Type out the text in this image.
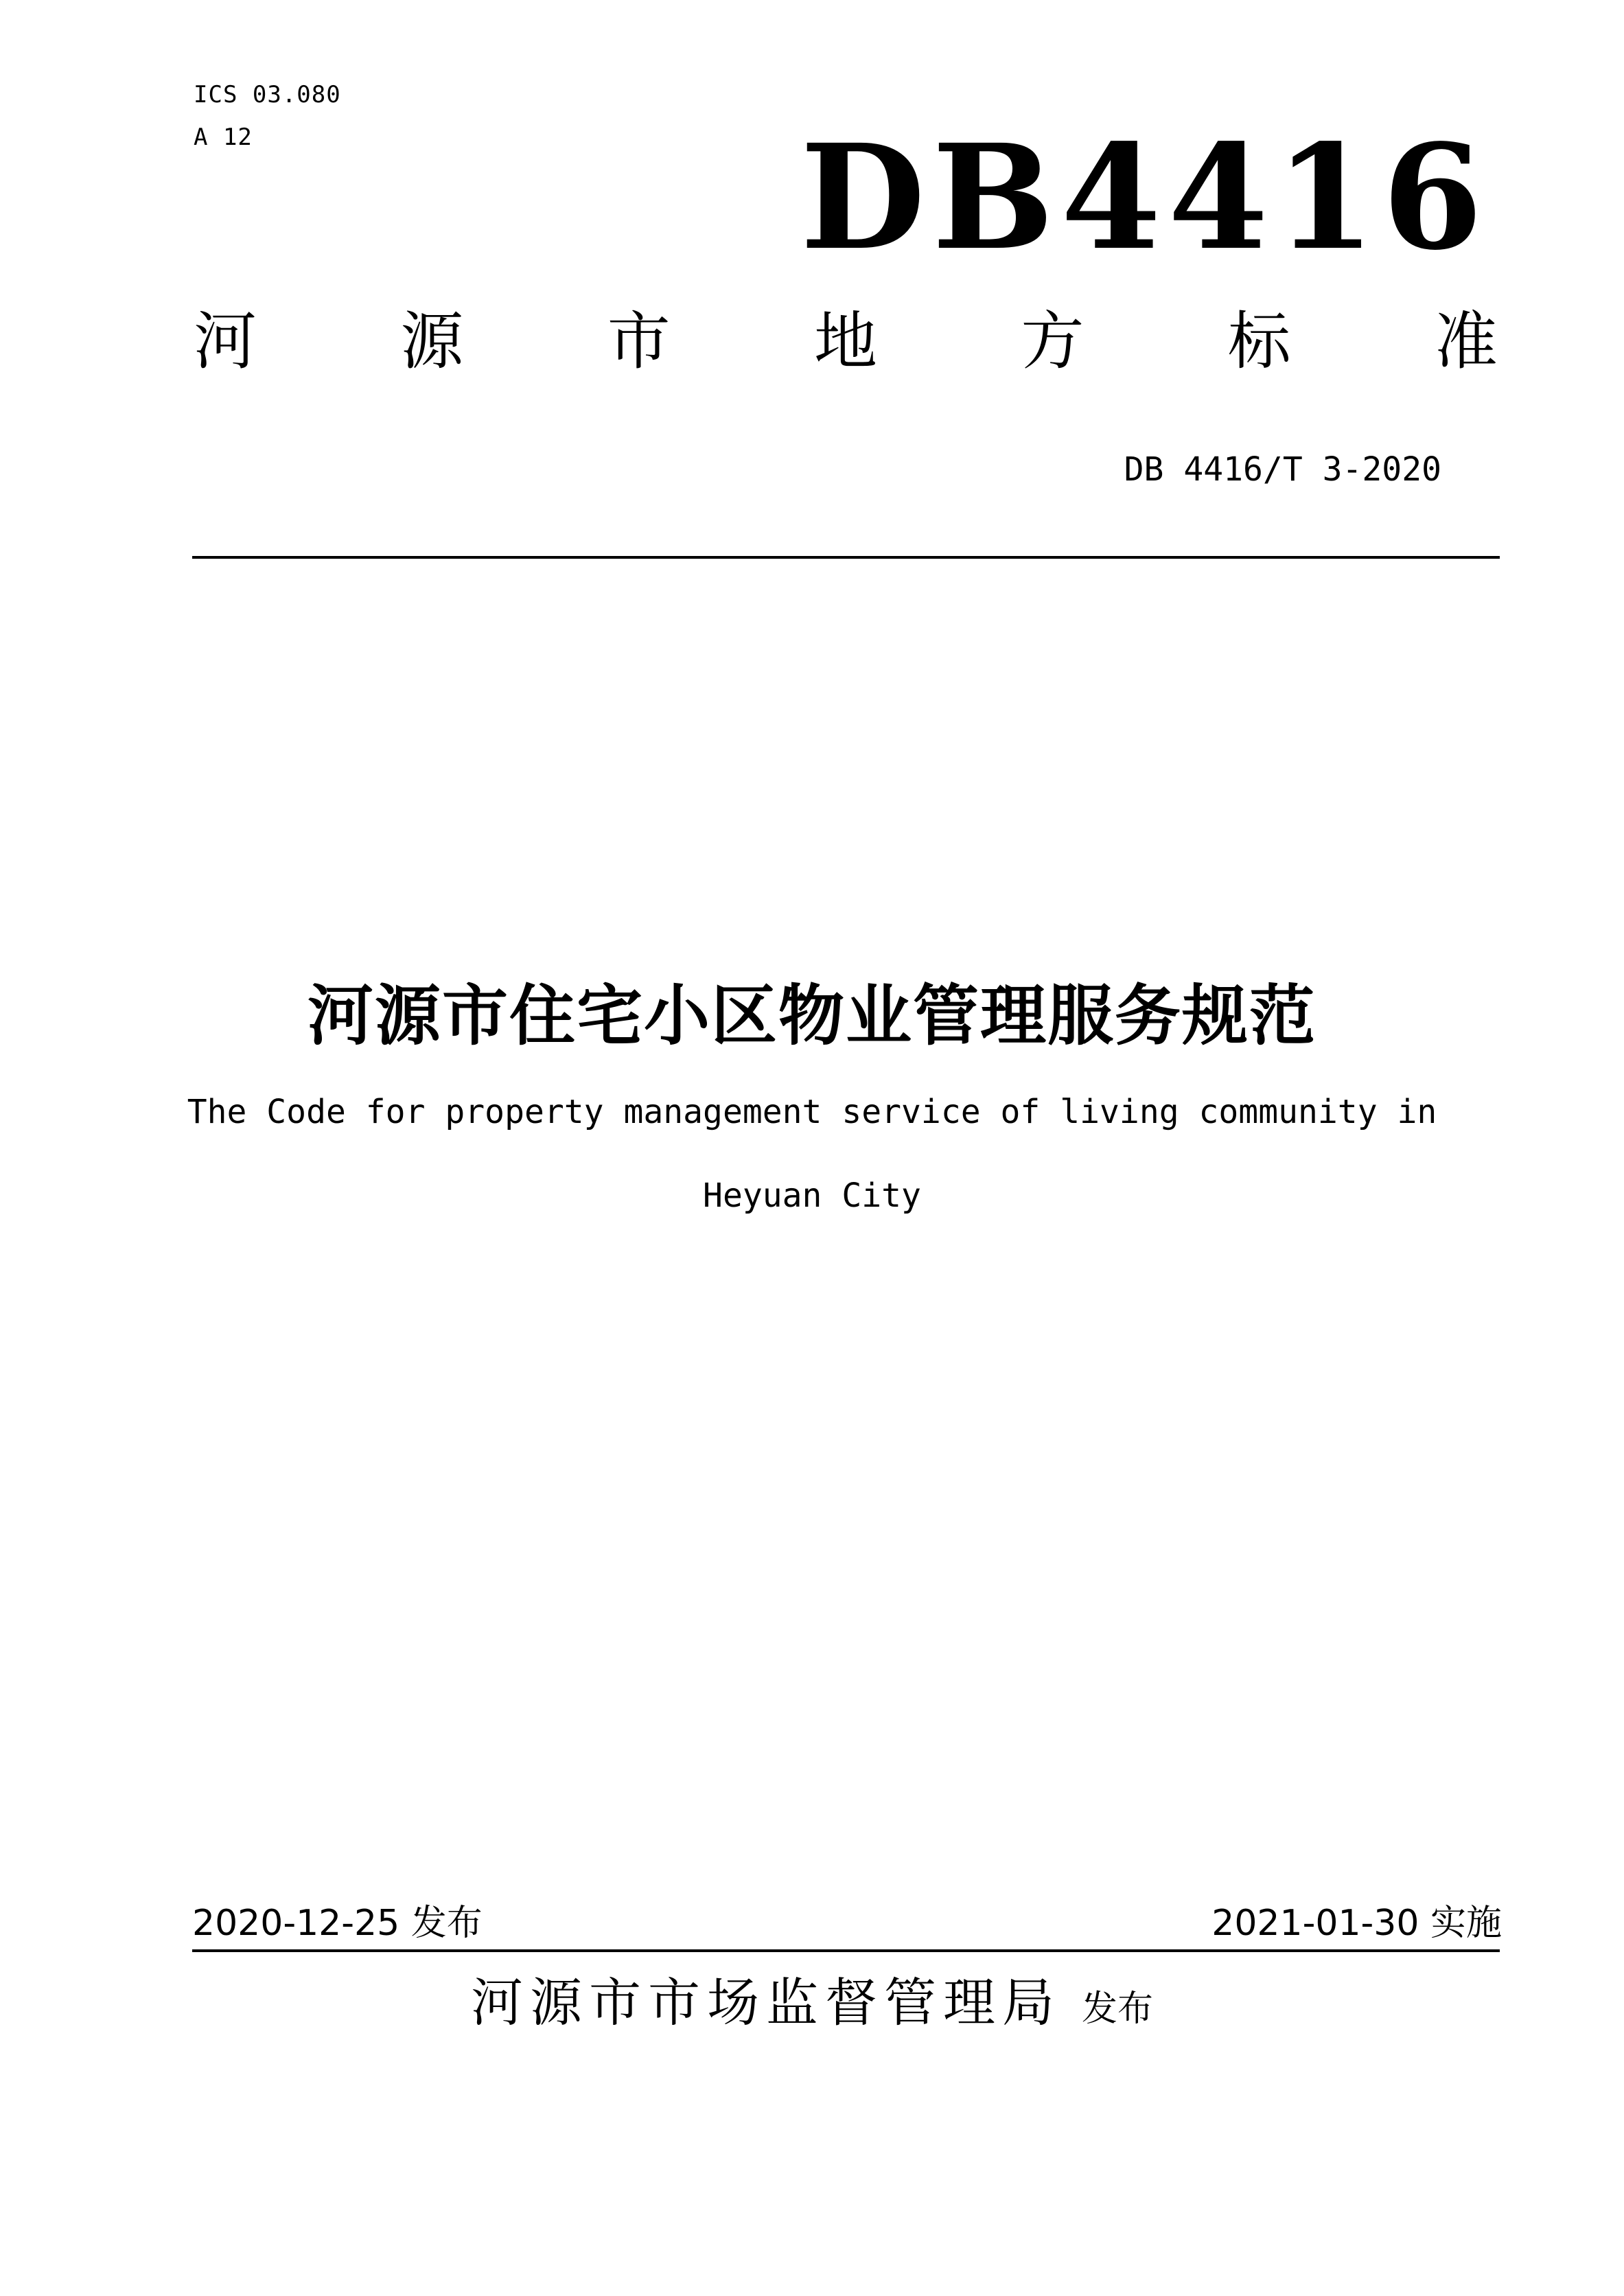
ICS 03.080
A 12	DB4416
河 源 市 地 方 标 准
DB 4416/T 3-2020
河源市住宅小区物业管理服务规范
The Code for property management service of living community in
Heyuan City
2020-12-25 发布	2021-01-30 实施
河源市市场监督管理局 发布
